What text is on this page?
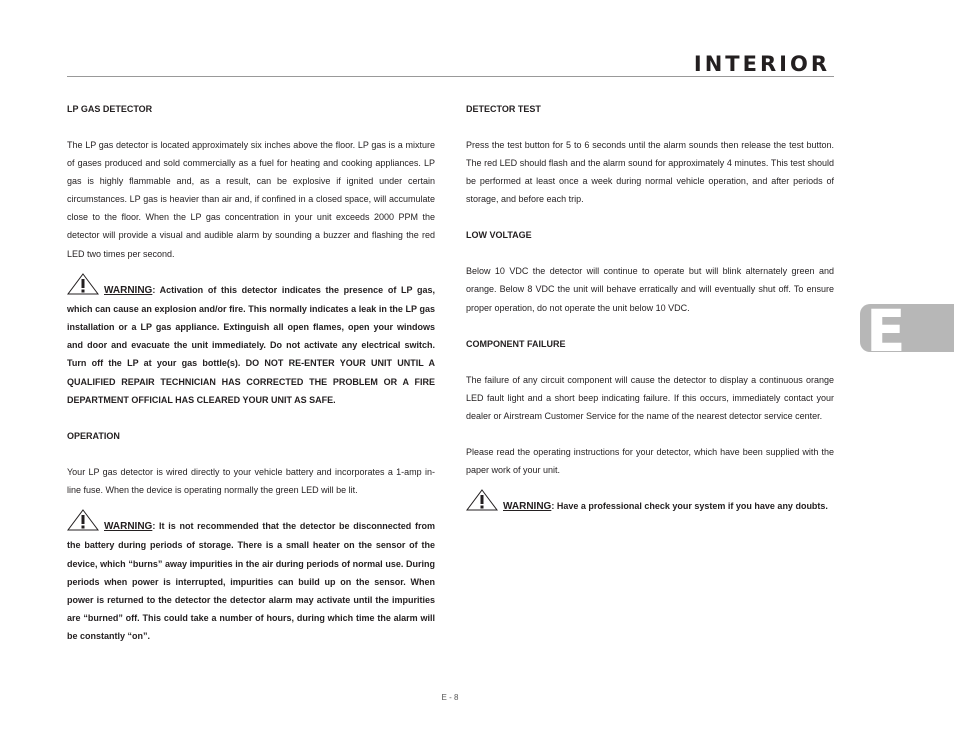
INTERIOR
E

LP GAS DETECTOR

The LP gas detector is located approximately six inches above the floor. LP gas is a mixture of gases produced and sold commercially as a fuel for heating and cooking appliances. LP gas is highly flammable and, as a result, can be explosive if ignited under certain circumstances. LP gas is heavier than air and, if confined in a closed space, will accumulate close to the floor. When the LP gas concentration in your unit exceeds 2000 PPM the detector will provide a visual and audible alarm by sounding a buzzer and flashing the red LED two times per second.

WARNING: Activation of this detector indicates the presence of LP gas, which can cause an explosion and/or fire. This normally indicates a leak in the LP gas installation or a LP gas appliance. Extinguish all open flames, open your windows and door and evacuate the unit immediately. Do not activate any electrical switch. Turn off the LP at your gas bottle(s). DO NOT RE-ENTER YOUR UNIT UNTIL A QUALIFIED REPAIR TECHNICIAN HAS CORRECTED THE PROBLEM OR A FIRE DEPARTMENT OFFICIAL HAS CLEARED YOUR UNIT AS SAFE.

OPERATION

Your LP gas detector is wired directly to your vehicle battery and incorporates a 1-amp in-line fuse. When the device is operating normally the green LED will be lit.

WARNING: It is not recommended that the detector be disconnected from the battery during periods of storage. There is a small heater on the sensor of the device, which “burns” away impurities in the air during periods of normal use. During periods when power is interrupted, impurities can build up on the sensor. When power is returned to the detector the detector alarm may activate until the impurities are “burned” off. This could take a number of hours, during which time the alarm will be constantly “on”.

DETECTOR TEST

Press the test button for 5 to 6 seconds until the alarm sounds then release the test button. The red LED should flash and the alarm sound for approximately 4 minutes. This test should be performed at least once a week during normal vehicle operation, and after periods of storage, and before each trip.

LOW VOLTAGE

Below 10 VDC the detector will continue to operate but will blink alternately green and orange. Below 8 VDC the unit will behave erratically and will eventually shut off. To ensure proper operation, do not operate the unit below 10 VDC.

COMPONENT FAILURE

The failure of any circuit component will cause the detector to display a continuous orange LED fault light and a short beep indicating failure. If this occurs, immediately contact your dealer or Airstream Customer Service for the name of the nearest detector service center.

Please read the operating instructions for your detector, which have been supplied with the paper work of your unit.

WARNING: Have a professional check your system if you have any doubts.

E - 8
